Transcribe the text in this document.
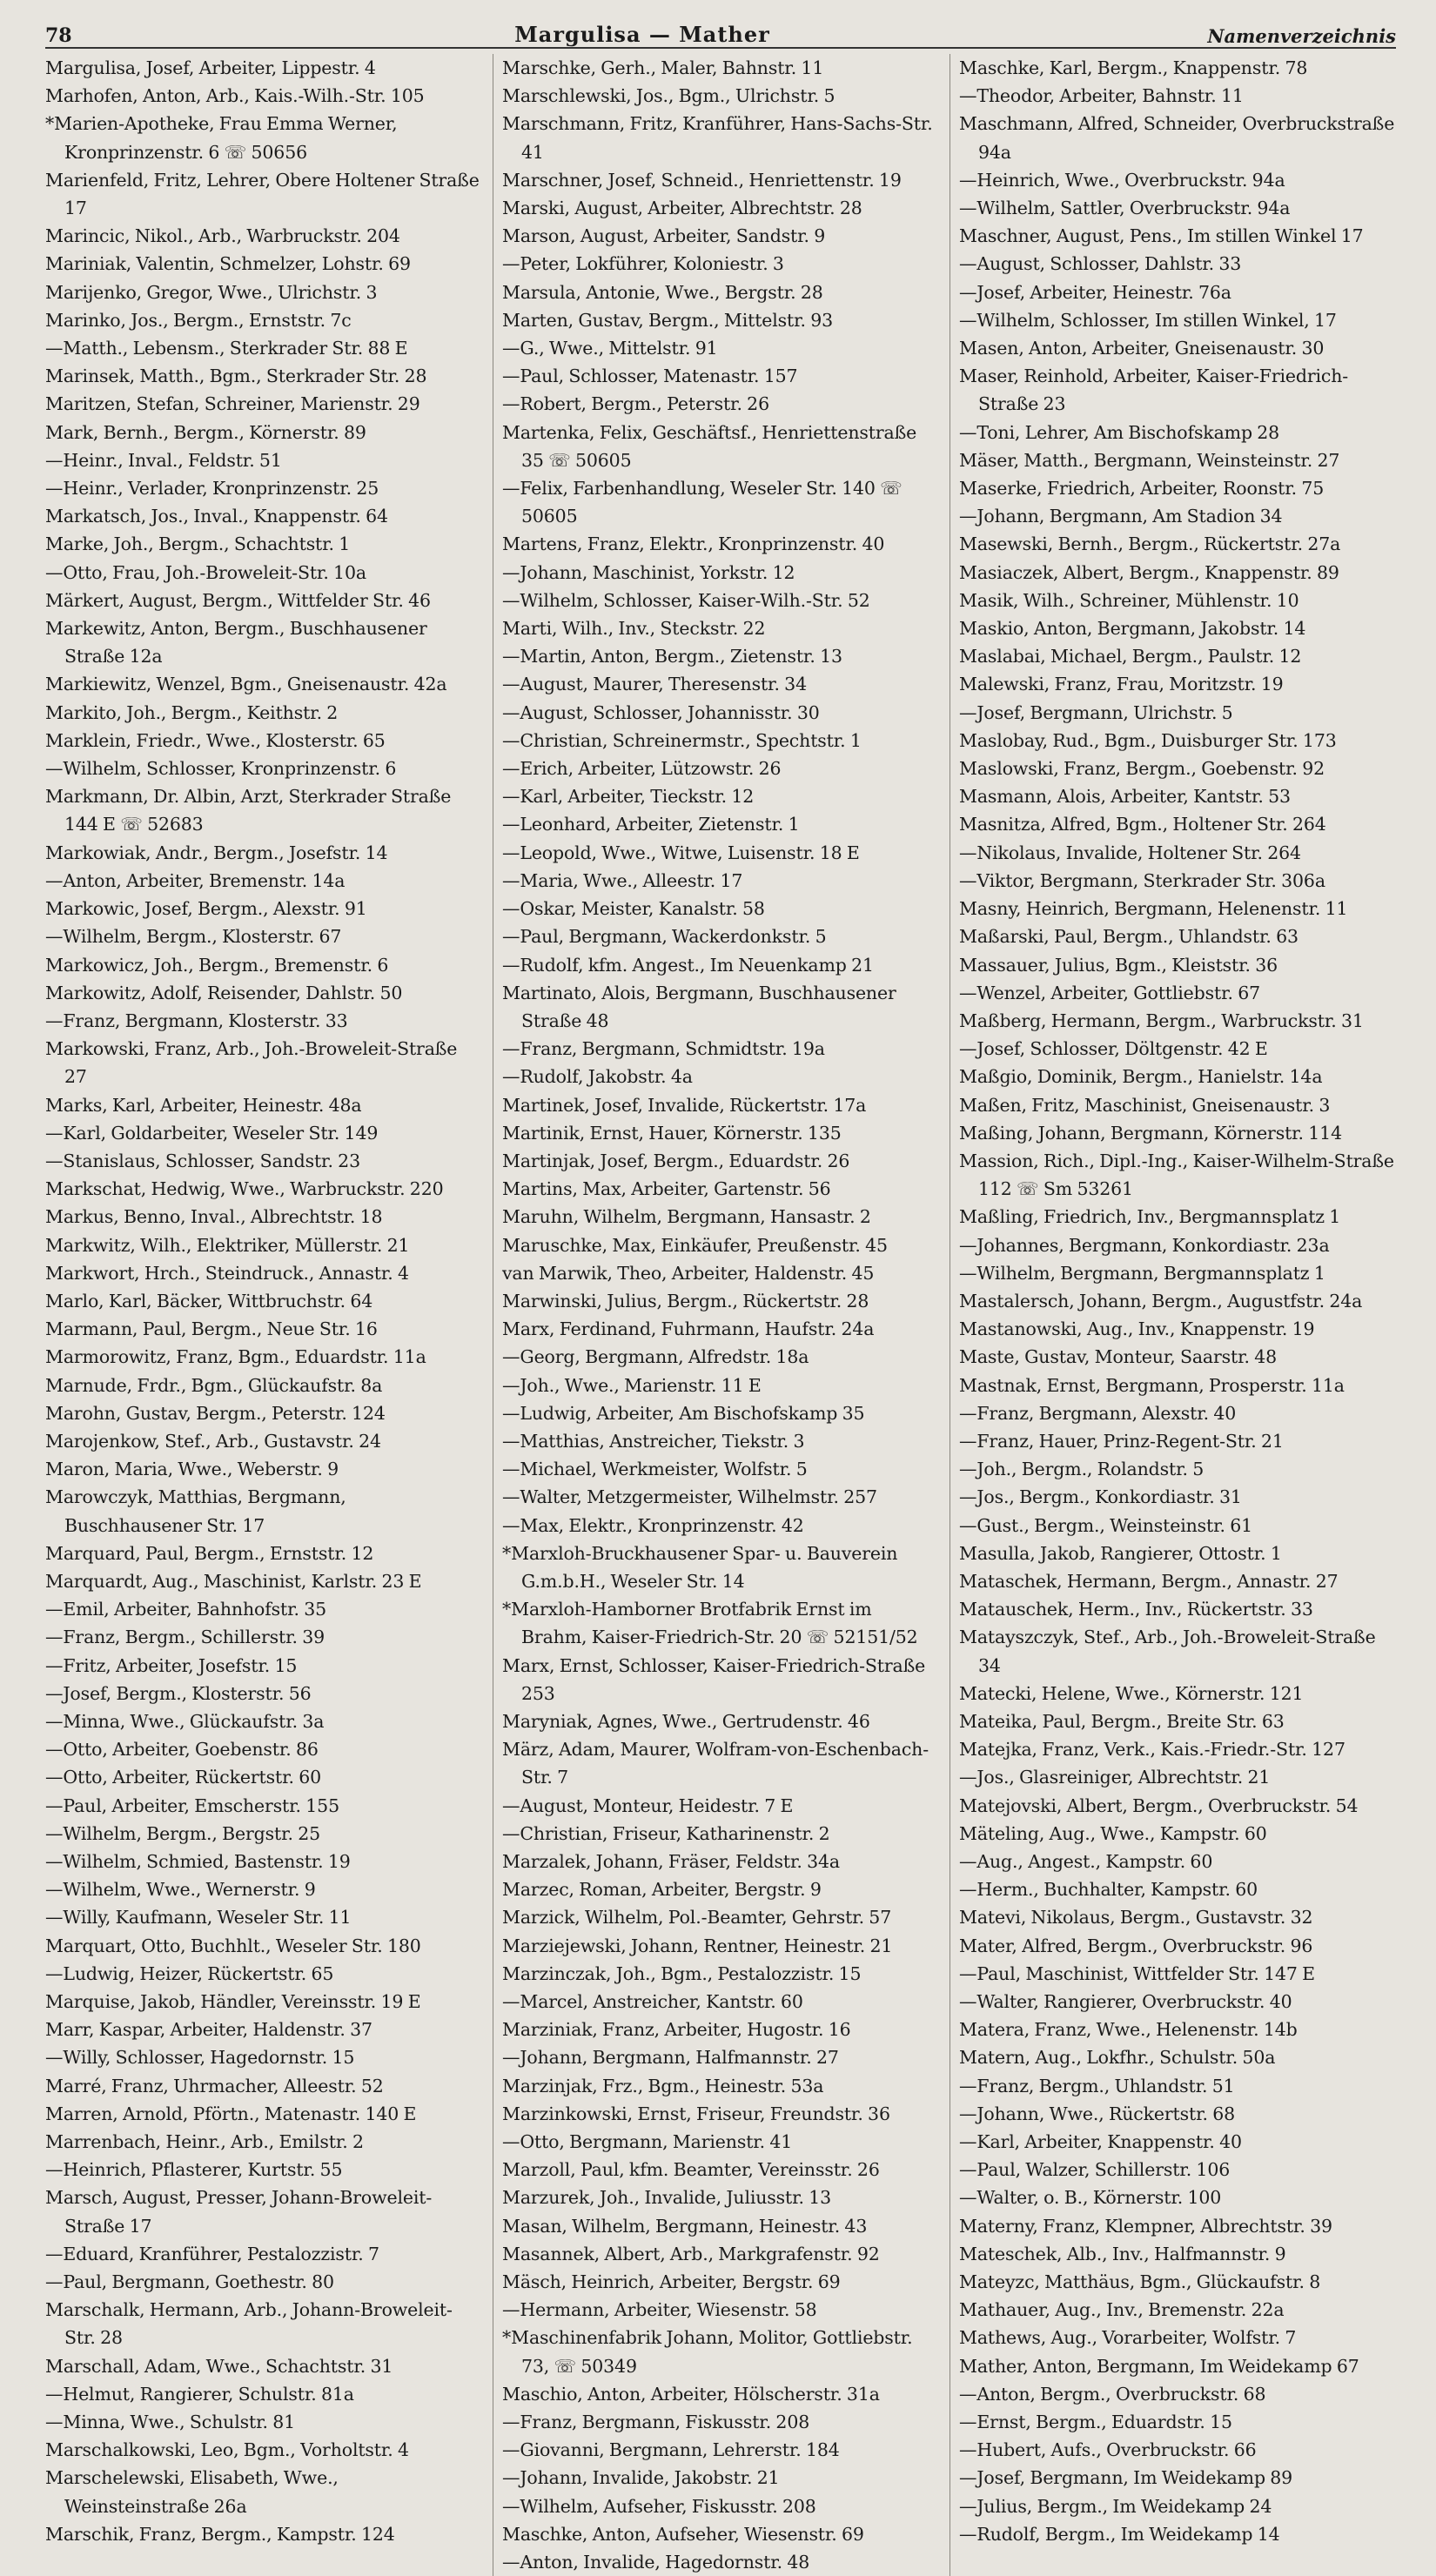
78	Margulisa — Mather	Namenverzeichnis
Margulisa, Josef, Arbeiter, Lippestr. 4
Marhofen, Anton, Arb., Kais.-Wilh.-Str. 105
*Marien-Apotheke, Frau Emma Werner, Kronprinzenstr. 6 ☏ 50656
Marienfeld, Fritz, Lehrer, Obere Holtener Straße 17
Marincic, Nikol., Arb., Warbruckstr. 204
Mariniak, Valentin, Schmelzer, Lohstr. 69
Marijenko, Gregor, Wwe., Ulrichstr. 3
Marinko, Jos., Bergm., Ernststr. 7c
—Matth., Lebensm., Sterkrader Str. 88 E
Marinsek, Matth., Bgm., Sterkrader Str. 28
Maritzen, Stefan, Schreiner, Marienstr. 29
Mark, Bernh., Bergm., Körnerstr. 89
—Heinr., Inval., Feldstr. 51
—Heinr., Verlader, Kronprinzenstr. 25
Markatsch, Jos., Inval., Knappenstr. 64
Marke, Joh., Bergm., Schachtstr. 1
—Otto, Frau, Joh.-Broweleit-Str. 10a
Märkert, August, Bergm., Wittfelder Str. 46
Markewitz, Anton, Bergm., Buschhausener Straße 12a
Markiewitz, Wenzel, Bgm., Gneisenaustr. 42a
Markito, Joh., Bergm., Keithstr. 2
Marklein, Friedr., Wwe., Klosterstr. 65
—Wilhelm, Schlosser, Kronprinzenstr. 6
Markmann, Dr. Albin, Arzt, Sterkrader Straße 144 E ☏ 52683
Markowiak, Andr., Bergm., Josefstr. 14
—Anton, Arbeiter, Bremenstr. 14a
Markowic, Josef, Bergm., Alexstr. 91
—Wilhelm, Bergm., Klosterstr. 67
Markowicz, Joh., Bergm., Bremenstr. 6
Markowitz, Adolf, Reisender, Dahlstr. 50
—Franz, Bergmann, Klosterstr. 33
Markowski, Franz, Arb., Joh.-Broweleit-Straße 27
Marks, Karl, Arbeiter, Heinestr. 48a
—Karl, Goldarbeiter, Weseler Str. 149
—Stanislaus, Schlosser, Sandstr. 23
Markschat, Hedwig, Wwe., Warbruckstr. 220
Markus, Benno, Inval., Albrechtstr. 18
Markwitz, Wilh., Elektriker, Müllerstr. 21
Markwort, Hrch., Steindruck., Annastr. 4
Marlo, Karl, Bäcker, Wittbruchstr. 64
Marmann, Paul, Bergm., Neue Str. 16
Marmorowitz, Franz, Bgm., Eduardstr. 11a
Marnude, Frdr., Bgm., Glückaufstr. 8a
Marohn, Gustav, Bergm., Peterstr. 124
Marojenkow, Stef., Arb., Gustavstr. 24
Maron, Maria, Wwe., Weberstr. 9
Marowczyk, Matthias, Bergmann, Buschhausener Str. 17
Marquard, Paul, Bergm., Ernststr. 12
Marquardt, Aug., Maschinist, Karlstr. 23 E
—Emil, Arbeiter, Bahnhofstr. 35
—Franz, Bergm., Schillerstr. 39
—Fritz, Arbeiter, Josefstr. 15
—Josef, Bergm., Klosterstr. 56
—Minna, Wwe., Glückaufstr. 3a
—Otto, Arbeiter, Goebenstr. 86
—Otto, Arbeiter, Rückertstr. 60
—Paul, Arbeiter, Emscherstr. 155
—Wilhelm, Bergm., Bergstr. 25
—Wilhelm, Schmied, Bastenstr. 19
—Wilhelm, Wwe., Wernerstr. 9
—Willy, Kaufmann, Weseler Str. 11
Marquart, Otto, Buchhlt., Weseler Str. 180
—Ludwig, Heizer, Rückertstr. 65
Marquise, Jakob, Händler, Vereinsstr. 19 E
Marr, Kaspar, Arbeiter, Haldenstr. 37
—Willy, Schlosser, Hagedornstr. 15
Marré, Franz, Uhrmacher, Alleestr. 52
Marren, Arnold, Pförtn., Matenastr. 140 E
Marrenbach, Heinr., Arb., Emilstr. 2
—Heinrich, Pflasterer, Kurtstr. 55
Marsch, August, Presser, Johann-Broweleit-Straße 17
—Eduard, Kranführer, Pestalozzistr. 7
—Paul, Bergmann, Goethestr. 80
Marschalk, Hermann, Arb., Johann-Broweleit-Str. 28
Marschall, Adam, Wwe., Schachtstr. 31
—Helmut, Rangierer, Schulstr. 81a
—Minna, Wwe., Schulstr. 81
Marschalkowski, Leo, Bgm., Vorholtstr. 4
Marschelewski, Elisabeth, Wwe., Weinsteinstraße 26a
Marschik, Franz, Bergm., Kampstr. 124
Marschke, Gerh., Maler, Bahnstr. 11
Marschlewski, Jos., Bgm., Ulrichstr. 5
Marschmann, Fritz, Kranführer, Hans-Sachs-Str. 41
Marschner, Josef, Schneid., Henriettenstr. 19
Marski, August, Arbeiter, Albrechtstr. 28
Marson, August, Arbeiter, Sandstr. 9
—Peter, Lokführer, Koloniestr. 3
Marsula, Antonie, Wwe., Bergstr. 28
Marten, Gustav, Bergm., Mittelstr. 93
—G., Wwe., Mittelstr. 91
—Paul, Schlosser, Matenastr. 157
—Robert, Bergm., Peterstr. 26
Martenka, Felix, Geschäftsf., Henriettenstraße 35 ☏ 50605
—Felix, Farbenhandlung, Weseler Str. 140 ☏ 50605
Martens, Franz, Elektr., Kronprinzenstr. 40
—Johann, Maschinist, Yorkstr. 12
—Wilhelm, Schlosser, Kaiser-Wilh.-Str. 52
Marti, Wilh., Inv., Steckstr. 22
—Martin, Anton, Bergm., Zietenstr. 13
—August, Maurer, Theresenstr. 34
—August, Schlosser, Johannisstr. 30
—Christian, Schreinermstr., Spechtstr. 1
—Erich, Arbeiter, Lützowstr. 26
—Karl, Arbeiter, Tieckstr. 12
—Leonhard, Arbeiter, Zietenstr. 1
—Leopold, Wwe., Witwe, Luisenstr. 18 E
—Maria, Wwe., Alleestr. 17
—Oskar, Meister, Kanalstr. 58
—Paul, Bergmann, Wackerdonkstr. 5
—Rudolf, kfm. Angest., Im Neuenkamp 21
Martinato, Alois, Bergmann, Buschhausener Straße 48
—Franz, Bergmann, Schmidtstr. 19a
—Rudolf, Jakobstr. 4a
Martinek, Josef, Invalide, Rückertstr. 17a
Martinik, Ernst, Hauer, Körnerstr. 135
Martinjak, Josef, Bergm., Eduardstr. 26
Martins, Max, Arbeiter, Gartenstr. 56
Maruhn, Wilhelm, Bergmann, Hansastr. 2
Maruschke, Max, Einkäufer, Preußenstr. 45
van Marwik, Theo, Arbeiter, Haldenstr. 45
Marwinski, Julius, Bergm., Rückertstr. 28
Marx, Ferdinand, Fuhrmann, Haufstr. 24a
—Georg, Bergmann, Alfredstr. 18a
—Joh., Wwe., Marienstr. 11 E
—Ludwig, Arbeiter, Am Bischofskamp 35
—Matthias, Anstreicher, Tiekstr. 3
—Michael, Werkmeister, Wolfstr. 5
—Walter, Metzgermeister, Wilhelmstr. 257
—Max, Elektr., Kronprinzenstr. 42
*Marxloh-Bruckhausener Spar- u. Bauverein G.m.b.H., Weseler Str. 14
*Marxloh-Hamborner Brotfabrik Ernst im Brahm, Kaiser-Friedrich-Str. 20 ☏ 52151/52
Marx, Ernst, Schlosser, Kaiser-Friedrich-Straße 253
Maryniak, Agnes, Wwe., Gertrudenstr. 46
März, Adam, Maurer, Wolfram-von-Eschenbach-Str. 7
—August, Monteur, Heidestr. 7 E
—Christian, Friseur, Katharinenstr. 2
Marzalek, Johann, Fräser, Feldstr. 34a
Marzec, Roman, Arbeiter, Bergstr. 9
Marzick, Wilhelm, Pol.-Beamter, Gehrstr. 57
Marziejewski, Johann, Rentner, Heinestr. 21
Marzinczak, Joh., Bgm., Pestalozzistr. 15
—Marcel, Anstreicher, Kantstr. 60
Marziniak, Franz, Arbeiter, Hugostr. 16
—Johann, Bergmann, Halfmannstr. 27
Marzinjak, Frz., Bgm., Heinestr. 53a
Marzinkowski, Ernst, Friseur, Freundstr. 36
—Otto, Bergmann, Marienstr. 41
Marzoll, Paul, kfm. Beamter, Vereinsstr. 26
Marzurek, Joh., Invalide, Juliusstr. 13
Masan, Wilhelm, Bergmann, Heinestr. 43
Masannek, Albert, Arb., Markgrafenstr. 92
Mäsch, Heinrich, Arbeiter, Bergstr. 69
—Hermann, Arbeiter, Wiesenstr. 58
*Maschinenfabrik Johann, Molitor, Gottliebstr. 73, ☏ 50349
Maschio, Anton, Arbeiter, Hölscherstr. 31a
—Franz, Bergmann, Fiskusstr. 208
—Giovanni, Bergmann, Lehrerstr. 184
—Johann, Invalide, Jakobstr. 21
—Wilhelm, Aufseher, Fiskusstr. 208
Maschke, Anton, Aufseher, Wiesenstr. 69
—Anton, Invalide, Hagedornstr. 48
Maschke, Karl, Bergm., Knappenstr. 78
—Theodor, Arbeiter, Bahnstr. 11
Maschmann, Alfred, Schneider, Overbruckstraße 94a
—Heinrich, Wwe., Overbruckstr. 94a
—Wilhelm, Sattler, Overbruckstr. 94a
Maschner, August, Pens., Im stillen Winkel 17
—August, Schlosser, Dahlstr. 33
—Josef, Arbeiter, Heinestr. 76a
—Wilhelm, Schlosser, Im stillen Winkel, 17
Masen, Anton, Arbeiter, Gneisenaustr. 30
Maser, Reinhold, Arbeiter, Kaiser-Friedrich-Straße 23
—Toni, Lehrer, Am Bischofskamp 28
Mäser, Matth., Bergmann, Weinsteinstr. 27
Maserke, Friedrich, Arbeiter, Roonstr. 75
—Johann, Bergmann, Am Stadion 34
Masewski, Bernh., Bergm., Rückertstr. 27a
Masiaczek, Albert, Bergm., Knappenstr. 89
Masik, Wilh., Schreiner, Mühlenstr. 10
Maskio, Anton, Bergmann, Jakobstr. 14
Maslabai, Michael, Bergm., Paulstr. 12
Malewski, Franz, Frau, Moritzstr. 19
—Josef, Bergmann, Ulrichstr. 5
Maslobay, Rud., Bgm., Duisburger Str. 173
Maslowski, Franz, Bergm., Goebenstr. 92
Masmann, Alois, Arbeiter, Kantstr. 53
Masnitza, Alfred, Bgm., Holtener Str. 264
—Nikolaus, Invalide, Holtener Str. 264
—Viktor, Bergmann, Sterkrader Str. 306a
Masny, Heinrich, Bergmann, Helenenstr. 11
Maßarski, Paul, Bergm., Uhlandstr. 63
Massauer, Julius, Bgm., Kleiststr. 36
—Wenzel, Arbeiter, Gottliebstr. 67
Maßberg, Hermann, Bergm., Warbruckstr. 31
—Josef, Schlosser, Döltgenstr. 42 E
Maßgio, Dominik, Bergm., Hanielstr. 14a
Maßen, Fritz, Maschinist, Gneisenaustr. 3
Maßing, Johann, Bergmann, Körnerstr. 114
Massion, Rich., Dipl.-Ing., Kaiser-Wilhelm-Straße 112 ☏ Sm 53261
Maßling, Friedrich, Inv., Bergmannsplatz 1
—Johannes, Bergmann, Konkordiastr. 23a
—Wilhelm, Bergmann, Bergmannsplatz 1
Mastalersch, Johann, Bergm., Augustfstr. 24a
Mastanowski, Aug., Inv., Knappenstr. 19
Maste, Gustav, Monteur, Saarstr. 48
Mastnak, Ernst, Bergmann, Prosperstr. 11a
—Franz, Bergmann, Alexstr. 40
—Franz, Hauer, Prinz-Regent-Str. 21
—Joh., Bergm., Rolandstr. 5
—Jos., Bergm., Konkordiastr. 31
—Gust., Bergm., Weinsteinstr. 61
Masulla, Jakob, Rangierer, Ottostr. 1
Mataschek, Hermann, Bergm., Annastr. 27
Matauschek, Herm., Inv., Rückertstr. 33
Matayszczyk, Stef., Arb., Joh.-Broweleit-Straße 34
Matecki, Helene, Wwe., Körnerstr. 121
Mateika, Paul, Bergm., Breite Str. 63
Matejka, Franz, Verk., Kais.-Friedr.-Str. 127
—Jos., Glasreiniger, Albrechtstr. 21
Matejovski, Albert, Bergm., Overbruckstr. 54
Mäteling, Aug., Wwe., Kampstr. 60
—Aug., Angest., Kampstr. 60
—Herm., Buchhalter, Kampstr. 60
Matevi, Nikolaus, Bergm., Gustavstr. 32
Mater, Alfred, Bergm., Overbruckstr. 96
—Paul, Maschinist, Wittfelder Str. 147 E
—Walter, Rangierer, Overbruckstr. 40
Matera, Franz, Wwe., Helenenstr. 14b
Matern, Aug., Lokfhr., Schulstr. 50a
—Franz, Bergm., Uhlandstr. 51
—Johann, Wwe., Rückertstr. 68
—Karl, Arbeiter, Knappenstr. 40
—Paul, Walzer, Schillerstr. 106
—Walter, o. B., Körnerstr. 100
Materny, Franz, Klempner, Albrechtstr. 39
Mateschek, Alb., Inv., Halfmannstr. 9
Mateyzc, Matthäus, Bgm., Glückaufstr. 8
Mathauer, Aug., Inv., Bremenstr. 22a
Mathews, Aug., Vorarbeiter, Wolfstr. 7
Mather, Anton, Bergmann, Im Weidekamp 67
—Anton, Bergm., Overbruckstr. 68
—Ernst, Bergm., Eduardstr. 15
—Hubert, Aufs., Overbruckstr. 66
—Josef, Bergmann, Im Weidekamp 89
—Julius, Bergm., Im Weidekamp 24
—Rudolf, Bergm., Im Weidekamp 14
